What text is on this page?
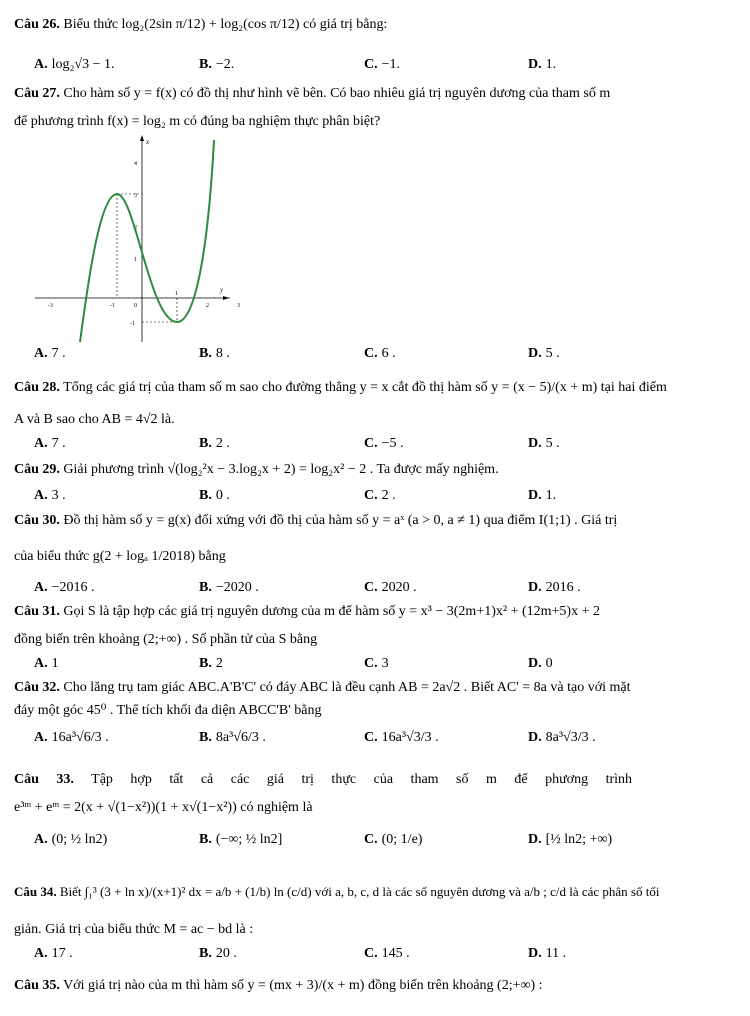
Câu 26. Biểu thức log₂(2sin π/12) + log₂(cos π/12) có giá trị bằng:
A. log₂√3 − 1.	B. −2.	C. −1.	D. 1.
Câu 27. Cho hàm số y = f(x) có đồ thị như hình vẽ bên. Có bao nhiêu giá trị nguyên dương của tham số m
để phương trình f(x) = log₂ m có đúng ba nghiệm thực phân biệt?
x
y
4
3
2
1
-1
-3	-1	0
1
2	3
A. 7 .	B. 8 .	C. 6 .	D. 5 .
Câu 28. Tổng các giá trị của tham số m sao cho đường thẳng y = x cắt đồ thị hàm số y = (x − 5)/(x + m) tại hai điểm
A và B sao cho AB = 4√2 là.
A. 7 .	B. 2 .	C. −5 .	D. 5 .
Câu 29. Giải phương trình √(log₂²x − 3.log₂x + 2) = log₂x² − 2 . Ta được mấy nghiệm.
A. 3 .	B. 0 .	C. 2 .	D. 1.
Câu 30. Đồ thị hàm số y = g(x) đối xứng với đồ thị của hàm số y = aˣ (a > 0, a ≠ 1) qua điểm I(1;1) . Giá trị
của biểu thức g(2 + logₐ 1/2018) bằng
A. −2016 .	B. −2020 .	C. 2020 .	D. 2016 .
Câu 31. Gọi S là tập hợp các giá trị nguyên dương của m để hàm số y = x³ − 3(2m+1)x² + (12m+5)x + 2
đồng biến trên khoảng (2;+∞) . Số phần tử của S bằng
A. 1	B. 2	C. 3	D. 0
Câu 32. Cho lăng trụ tam giác ABC.A'B'C' có đáy ABC là đều cạnh AB = 2a√2 . Biết AC' = 8a và tạo với mặt
đáy một góc 45⁰ . Thể tích khối đa diện ABCC'B' bằng
A. 16a³√6/3 .	B. 8a³√6/3 .	C. 16a³√3/3 .	D. 8a³√3/3 .
Câu 33. Tập hợp tất cả các giá trị thực của tham số m để phương trình
e³ᵐ + eᵐ = 2(x + √(1−x²))(1 + x√(1−x²)) có nghiệm là
A. (0; ½ ln2)	B. (−∞; ½ ln2]	C. (0; 1/e)	D. [½ ln2; +∞)
Câu 34. Biết ∫₁³ (3 + ln x)/(x+1)² dx = a/b + (1/b) ln (c/d) với a, b, c, d là các số nguyên dương và a/b ; c/d là các phân số tối
giản. Giá trị của biểu thức M = ac − bd là :
A. 17 .	B. 20 .	C. 145 .	D. 11 .
Câu 35. Với giá trị nào của m thì hàm số y = (mx + 3)/(x + m) đồng biến trên khoảng (2;+∞) :
